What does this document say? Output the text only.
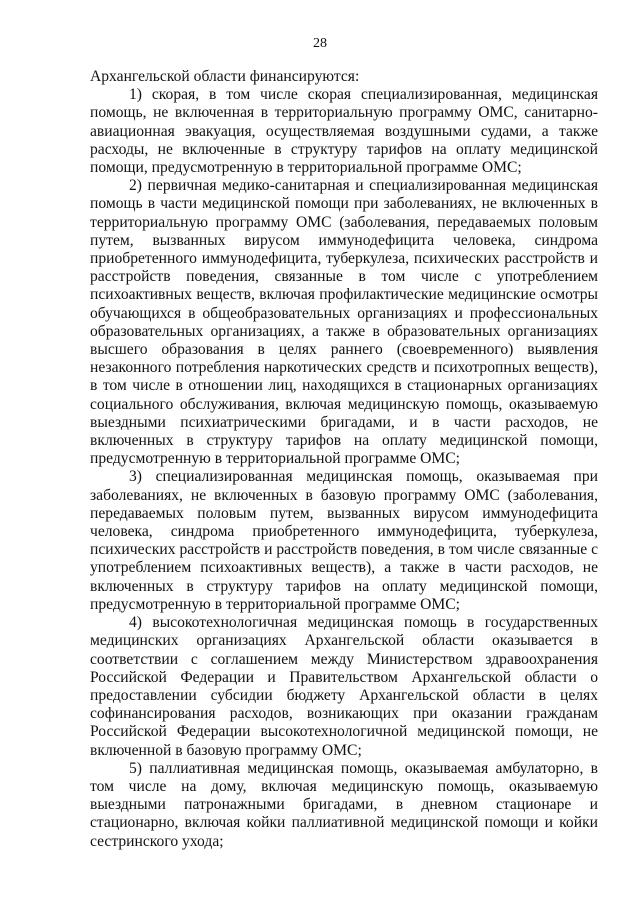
28

Архангельской области финансируются:

1) скорая, в том числе скорая специализированная, медицинская помощь, не включенная в территориальную программу ОМС, санитарно-авиационная эвакуация, осуществляемая воздушными судами, а также расходы, не включенные в структуру тарифов на оплату медицинской помощи, предусмотренную в территориальной программе ОМС;

2) первичная медико-санитарная и специализированная медицинская помощь в части медицинской помощи при заболеваниях, не включенных в территориальную программу ОМС (заболевания, передаваемых половым путем, вызванных вирусом иммунодефицита человека, синдрома приобретенного иммунодефицита, туберкулеза, психических расстройств и расстройств поведения, связанные в том числе с употреблением психоактивных веществ, включая профилактические медицинские осмотры обучающихся в общеобразовательных организациях и профессиональных образовательных организациях, а также в образовательных организациях высшего образования в целях раннего (своевременного) выявления незаконного потребления наркотических средств и психотропных веществ), в том числе в отношении лиц, находящихся в стационарных организациях социального обслуживания, включая медицинскую помощь, оказываемую выездными психиатрическими бригадами, и в части расходов, не включенных в структуру тарифов на оплату медицинской помощи, предусмотренную в территориальной программе ОМС;

3) специализированная медицинская помощь, оказываемая при заболеваниях, не включенных в базовую программу ОМС (заболевания, передаваемых половым путем, вызванных вирусом иммунодефицита человека, синдрома приобретенного иммунодефицита, туберкулеза, психических расстройств и расстройств поведения, в том числе связанные с употреблением психоактивных веществ), а также в части расходов, не включенных в структуру тарифов на оплату медицинской помощи, предусмотренную в территориальной программе ОМС;

4) высокотехнологичная медицинская помощь в государственных медицинских организациях Архангельской области оказывается в соответствии с соглашением между Министерством здравоохранения Российской Федерации и Правительством Архангельской области о предоставлении субсидии бюджету Архангельской области в целях софинансирования расходов, возникающих при оказании гражданам Российской Федерации высокотехнологичной медицинской помощи, не включенной в базовую программу ОМС;

5) паллиативная медицинская помощь, оказываемая амбулаторно, в том числе на дому, включая медицинскую помощь, оказываемую выездными патронажными бригадами, в дневном стационаре и стационарно, включая койки паллиативной медицинской помощи и койки сестринского ухода;
